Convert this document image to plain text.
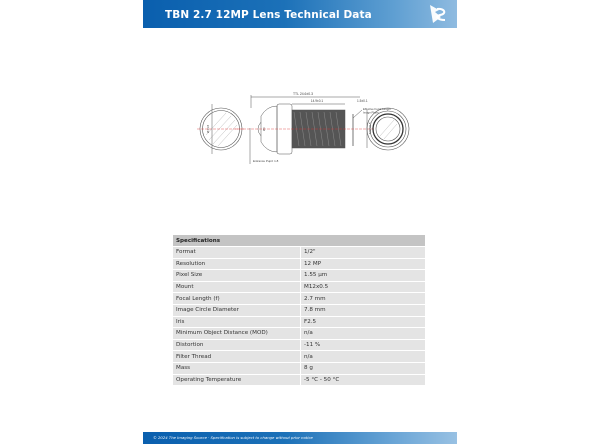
TBN 2.7 12MP Lens Technical Data
TTL 24.6±0.3
14.9±0.1	1.5±0.1
Effective Focal Length
Image Plane
Ø6
Ø14.8	M12x0.5
Entrance Pupil: 1.8
Specifications	
Format	1/2"
Resolution	12 MP
Pixel Size	1.55 µm
Mount	M12x0.5
Focal Length (f)	2.7 mm
Image Circle Diameter	7.8 mm
Iris	F2.5
Minimum Object Distance (MOD)	n/a
Distortion	-11 %
Filter Thread	n/a
Mass	8 g
Operating Temperature	-5 °C - 50 °C
© 2024 The Imaging Source · Specification is subject to change without prior notice
